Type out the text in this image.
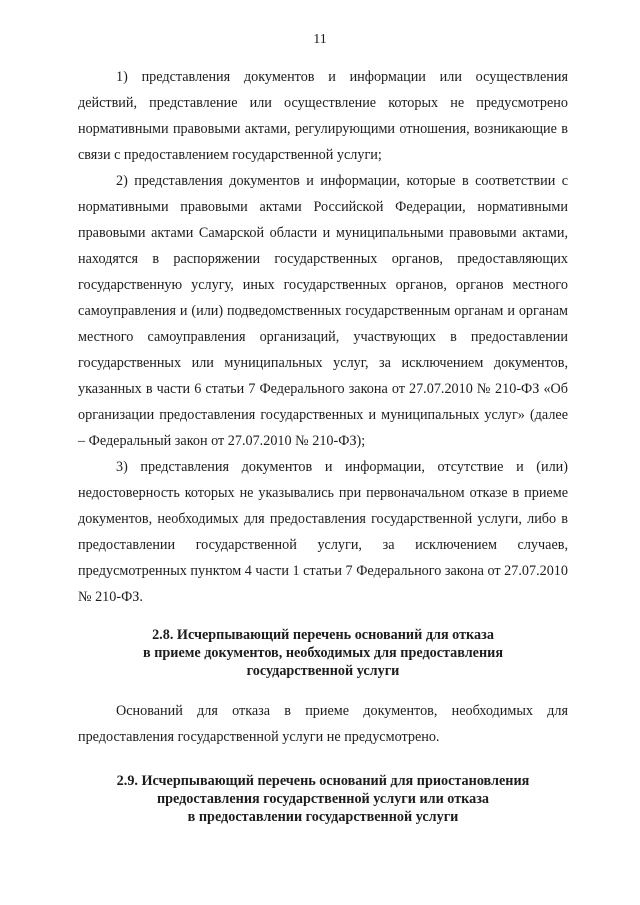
11

1) представления документов и информации или осуществления действий, представление или осуществление которых не предусмотрено нормативными правовыми актами, регулирующими отношения, возникающие в связи с предоставлением государственной услуги;

2) представления документов и информации, которые в соответствии с нормативными правовыми актами Российской Федерации, нормативными правовыми актами Самарской области и муниципальными правовыми актами, находятся в распоряжении государственных органов, предоставляющих государственную услугу, иных государственных органов, органов местного самоуправления и (или) подведомственных государственным органам и органам местного самоуправления организаций, участвующих в предоставлении государственных или муниципальных услуг, за исключением документов, указанных в части 6 статьи 7 Федерального закона от 27.07.2010 № 210-ФЗ «Об организации предоставления государственных и муниципальных услуг» (далее – Федеральный закон от 27.07.2010 № 210-ФЗ);

3) представления документов и информации, отсутствие и (или) недостоверность которых не указывались при первоначальном отказе в приеме документов, необходимых для предоставления государственной услуги, либо в предоставлении государственной услуги, за исключением случаев, предусмотренных пунктом 4 части 1 статьи 7 Федерального закона от 27.07.2010 № 210-ФЗ.

2.8. Исчерпывающий перечень оснований для отказа
в приеме документов, необходимых для предоставления
государственной услуги

Оснований для отказа в приеме документов, необходимых для предоставления государственной услуги не предусмотрено.

2.9. Исчерпывающий перечень оснований для приостановления
предоставления государственной услуги или отказа
в предоставлении государственной услуги
